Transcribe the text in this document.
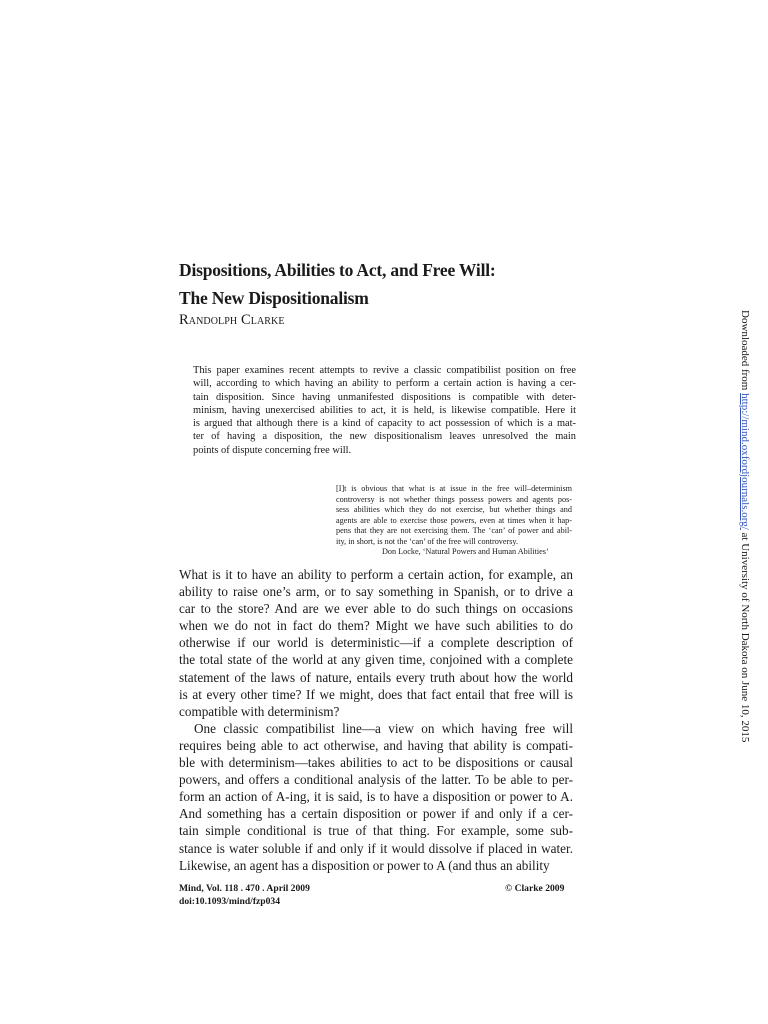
Dispositions, Abilities to Act, and Free Will:
The New Dispositionalism
Randolph Clarke
This paper examines recent attempts to revive a classic compatibilist position on free
will, according to which having an ability to perform a certain action is having a cer-
tain disposition. Since having unmanifested dispositions is compatible with deter-
minism, having unexercised abilities to act, it is held, is likewise compatible. Here it
is argued that although there is a kind of capacity to act possession of which is a mat-
ter of having a disposition, the new dispositionalism leaves unresolved the main
points of dispute concerning free will.
[I]t is obvious that what is at issue in the free will–determinism
controversy is not whether things possess powers and agents pos-
sess abilities which they do not exercise, but whether things and
agents are able to exercise those powers, even at times when it hap-
pens that they are not exercising them. The ‘can’ of power and abil-
ity, in short, is not the ‘can’ of the free will controversy.
Don Locke, ‘Natural Powers and Human Abilities’
What is it to have an ability to perform a certain action, for example, an
ability to raise one’s arm, or to say something in Spanish, or to drive a
car to the store? And are we ever able to do such things on occasions
when we do not in fact do them? Might we have such abilities to do
otherwise if our world is deterministic—if a complete description of
the total state of the world at any given time, conjoined with a complete
statement of the laws of nature, entails every truth about how the world
is at every other time? If we might, does that fact entail that free will is
compatible with determinism?
One classic compatibilist line—a view on which having free will
requires being able to act otherwise, and having that ability is compati-
ble with determinism—takes abilities to act to be dispositions or causal
powers, and offers a conditional analysis of the latter. To be able to per-
form an action of A-ing, it is said, is to have a disposition or power to A.
And something has a certain disposition or power if and only if a cer-
tain simple conditional is true of that thing. For example, some sub-
stance is water soluble if and only if it would dissolve if placed in water.
Likewise, an agent has a disposition or power to A (and thus an ability
Mind, Vol. 118 . 470 . April 2009
doi:10.1093/mind/fzp034
© Clarke 2009
Downloaded from http://mind.oxfordjournals.org/ at University of North Dakota on June 10, 2015
